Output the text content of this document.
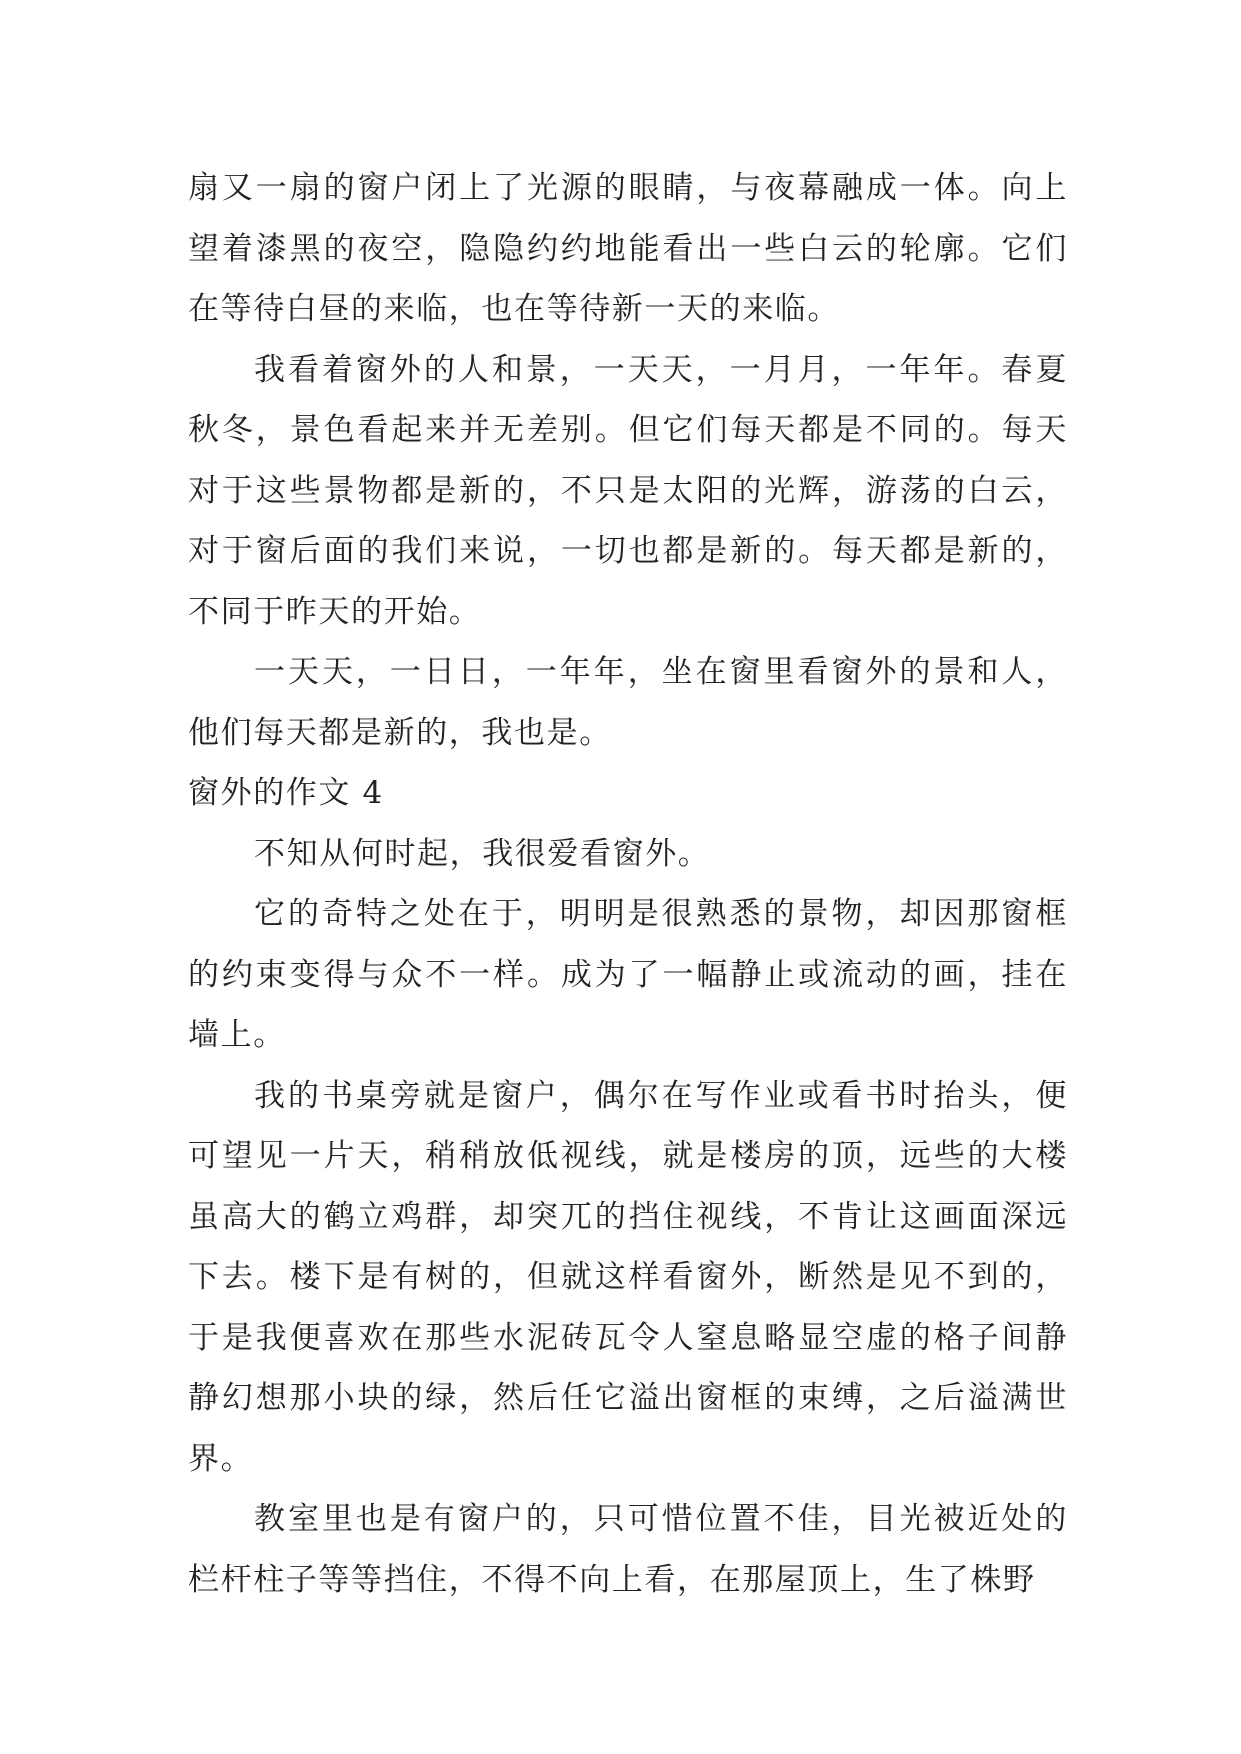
扇又一扇的窗户闭上了光源的眼睛，与夜幕融成一体。向上望着漆黑的夜空，隐隐约约地能看出一些白云的轮廓。它们在等待白昼的来临，也在等待新一天的来临。

我看着窗外的人和景，一天天，一月月，一年年。春夏秋冬，景色看起来并无差别。但它们每天都是不同的。每天对于这些景物都是新的，不只是太阳的光辉，游荡的白云，对于窗后面的我们来说，一切也都是新的。每天都是新的，不同于昨天的开始。

一天天，一日日，一年年，坐在窗里看窗外的景和人，他们每天都是新的，我也是。

窗外的作文 4

不知从何时起，我很爱看窗外。

它的奇特之处在于，明明是很熟悉的景物，却因那窗框的约束变得与众不一样。成为了一幅静止或流动的画，挂在墙上。

我的书桌旁就是窗户，偶尔在写作业或看书时抬头，便可望见一片天，稍稍放低视线，就是楼房的顶，远些的大楼虽高大的鹤立鸡群，却突兀的挡住视线，不肯让这画面深远下去。楼下是有树的，但就这样看窗外，断然是见不到的，于是我便喜欢在那些水泥砖瓦令人窒息略显空虚的格子间静静幻想那小块的绿，然后任它溢出窗框的束缚，之后溢满世界。

教室里也是有窗户的，只可惜位置不佳，目光被近处的栏杆柱子等等挡住，不得不向上看，在那屋顶上，生了株野
